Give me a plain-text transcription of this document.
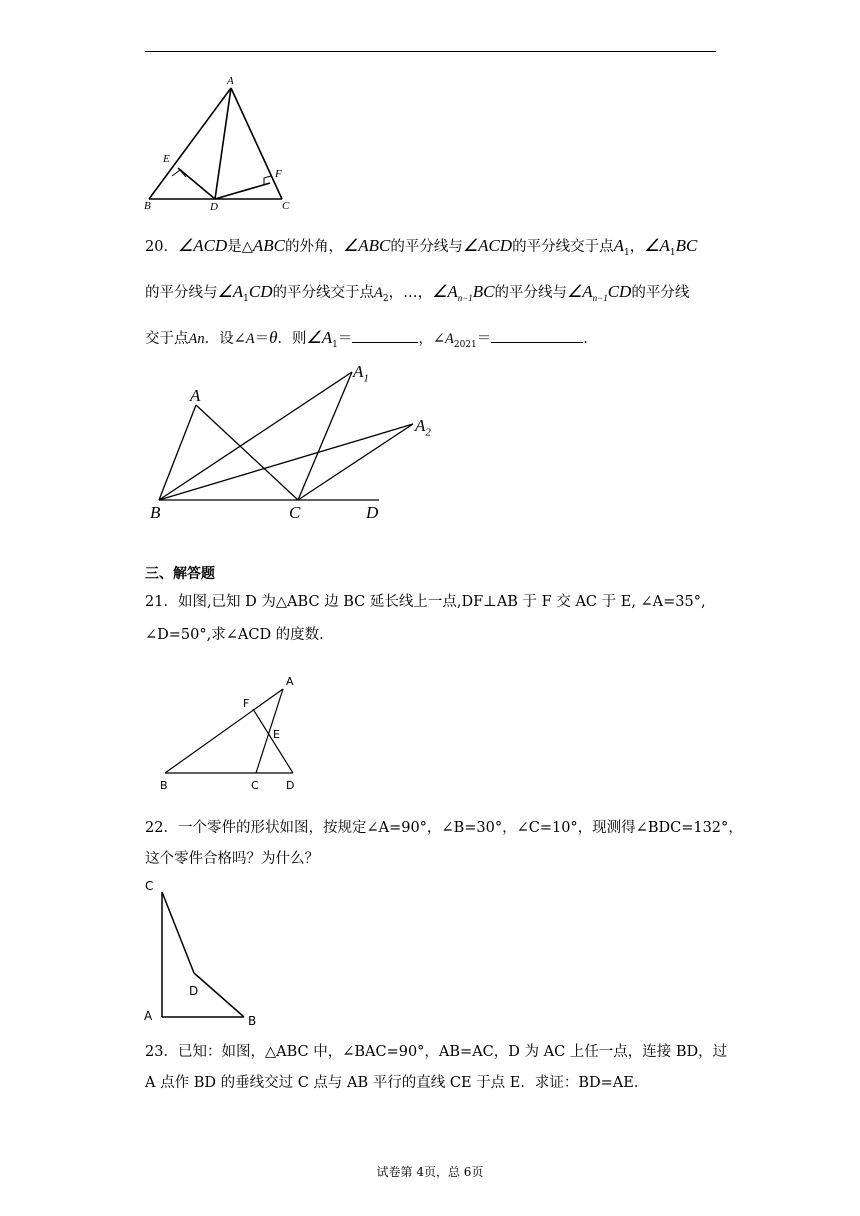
A
E
F
B	D	C
20．∠ACD是△ABC的外角，∠ABC的平分线与∠ACD的平分线交于点$A_1$，$\angle A_1BC$
的平分线与$\angle A_1CD$的平分线交于点$A_2$，…，$\angle A_{n-1}BC$的平分线与$\angle A_{n-1}CD$的平分线
交于点An．设∠A＝θ．则$\angle A_1=$	，$\angle A_{2021}=$	.
A
$A_1$
$A_2$
B	C	D
三、解答题
21．如图,已知 D 为△ABC 边 BC 延长线上一点,DF⊥AB 于 F 交 AC 于 E, ∠A=35°,
∠D=50°,求∠ACD 的度数.
A
F
E
B	C D
22．一个零件的形状如图，按规定∠A=90°，∠B=30°，∠C=10°，现测得∠BDC=132°，
这个零件合格吗？为什么？
C
D
A	B
23．已知：如图，△ABC 中，∠BAC=90°，AB=AC，D 为 AC 上任一点，连接 BD，过
A 点作 BD 的垂线交过 C 点与 AB 平行的直线 CE 于点 E．求证：BD=AE．
试卷第 4页，总 6页
